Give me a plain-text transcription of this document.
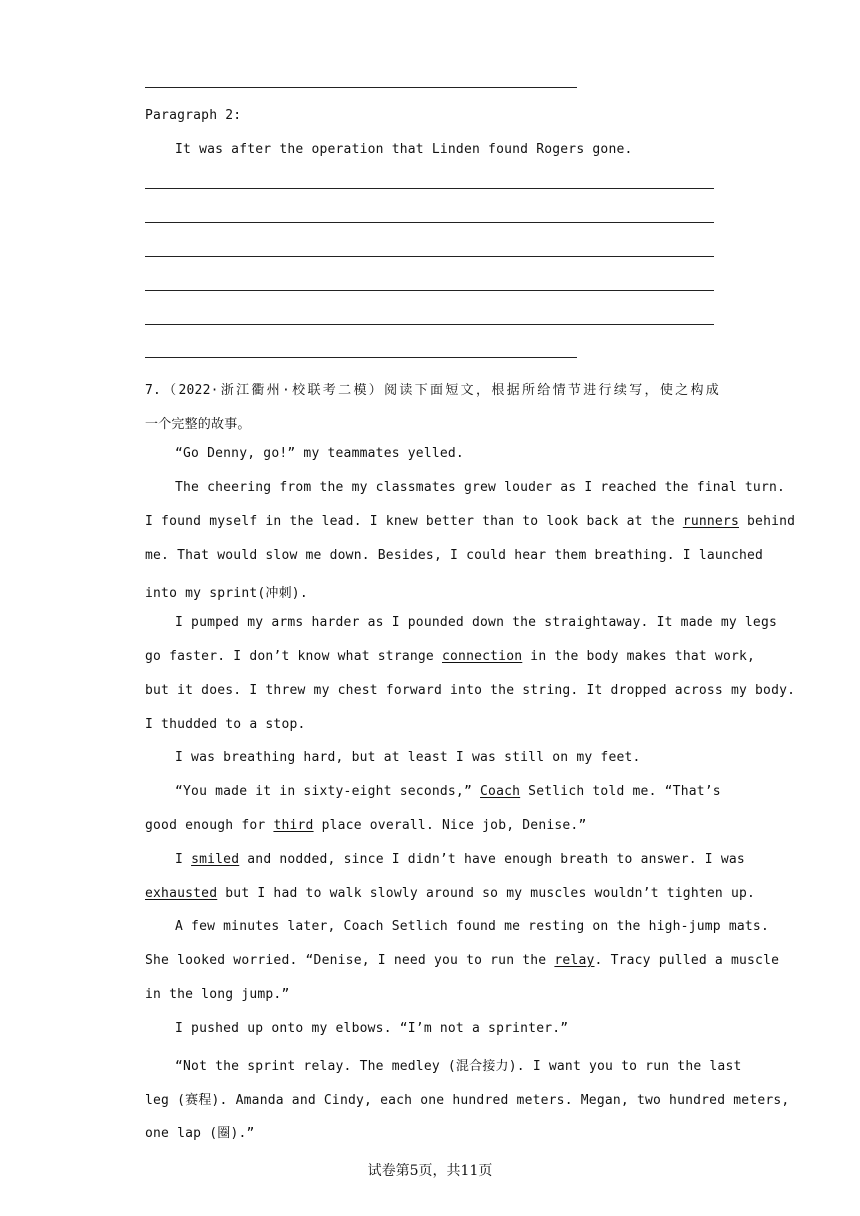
Paragraph 2:
It was after the operation that Linden found Rogers gone.
7.（2022·浙江衢州·校联考二模）阅读下面短文，根据所给情节进行续写，使之构成
一个完整的故事。
“Go Denny, go!” my teammates yelled.
The cheering from the my classmates grew louder as I reached the final turn.
I found myself in the lead. I knew better than to look back at the runners behind
me. That would slow me down. Besides, I could hear them breathing. I launched
into my sprint(冲刺).
I pumped my arms harder as I pounded down the straightaway. It made my legs
go faster. I don’t know what strange connection in the body makes that work,
but it does. I threw my chest forward into the string. It dropped across my body.
I thudded to a stop.
I was breathing hard, but at least I was still on my feet.
“You made it in sixty-eight seconds,” Coach Setlich told me. “That’s
good enough for third place overall. Nice job, Denise.”
I smiled and nodded, since I didn’t have enough breath to answer. I was
exhausted but I had to walk slowly around so my muscles wouldn’t tighten up.
A few minutes later, Coach Setlich found me resting on the high-jump mats.
She looked worried. “Denise, I need you to run the relay. Tracy pulled a muscle
in the long jump.”
I pushed up onto my elbows. “I’m not a sprinter.”
“Not the sprint relay. The medley (混合接力). I want you to run the last
leg (赛程). Amanda and Cindy, each one hundred meters. Megan, two hundred meters,
one lap (圈).”
试卷第5页，共11页
